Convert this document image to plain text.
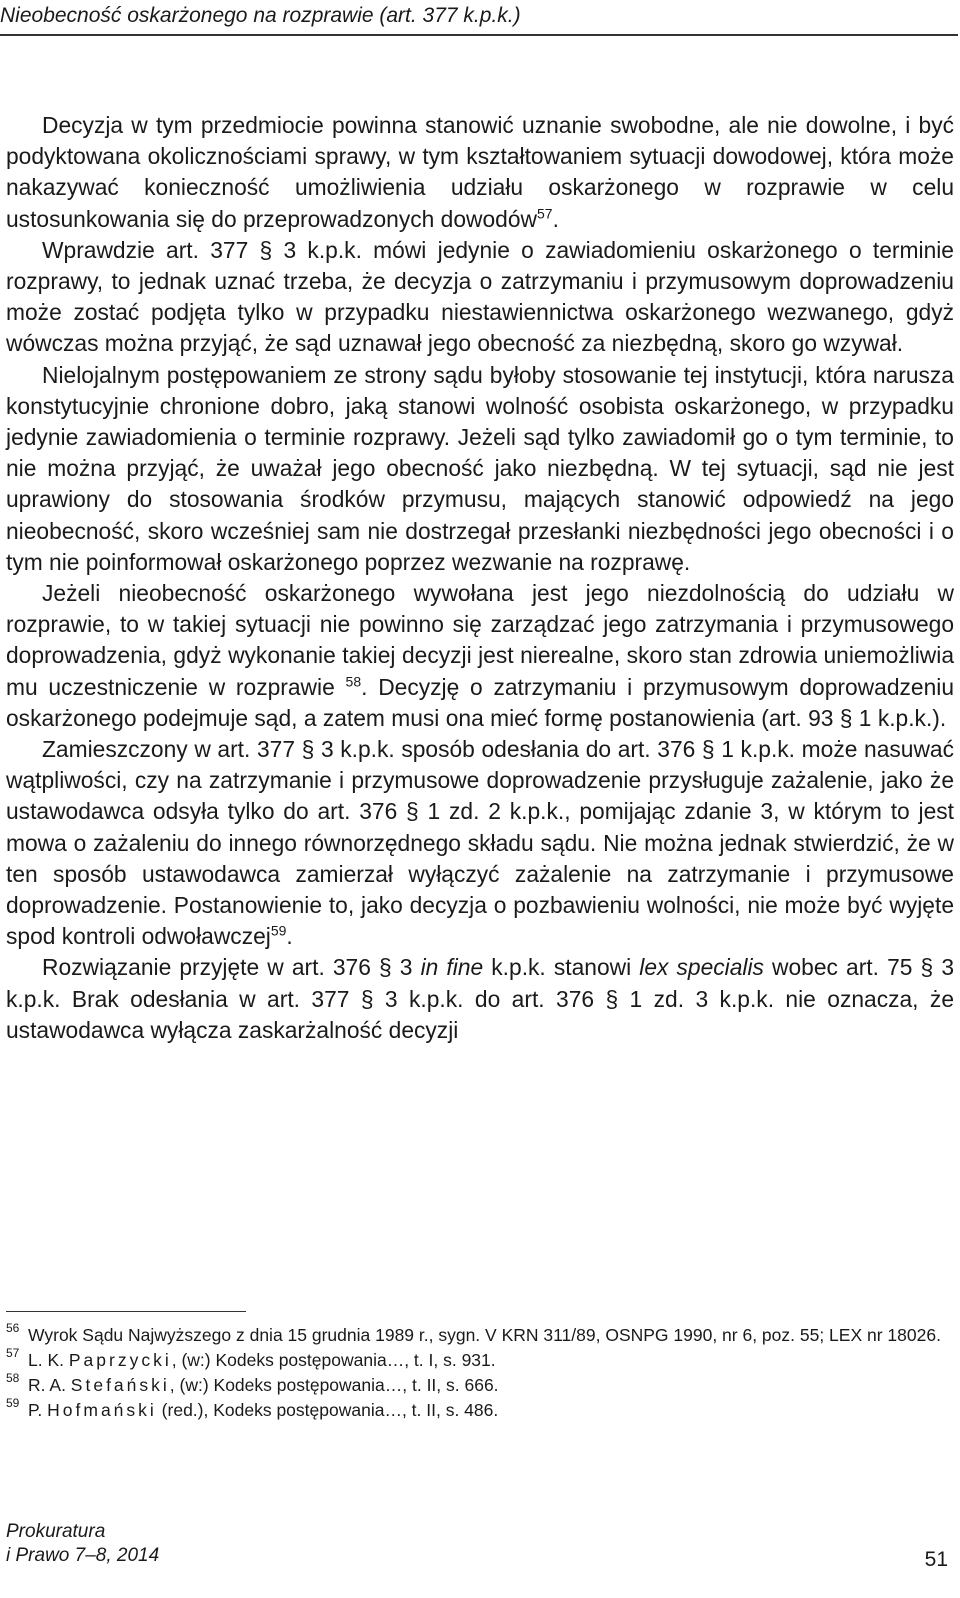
Nieobecność oskarżonego na rozprawie (art. 377 k.p.k.)

Decyzja w tym przedmiocie powinna stanowić uznanie swobodne, ale nie dowolne, i być podyktowana okolicznościami sprawy, w tym kształtowaniem sytuacji dowodowej, która może nakazywać konieczność umożliwienia udziału oskarżonego w rozprawie w celu ustosunkowania się do przeprowadzonych dowodów$^{57}$.

Wprawdzie art. 377 § 3 k.p.k. mówi jedynie o zawiadomieniu oskarżonego o terminie rozprawy, to jednak uznać trzeba, że decyzja o zatrzymaniu i przymusowym doprowadzeniu może zostać podjęta tylko w przypadku niestawiennictwa oskarżonego wezwanego, gdyż wówczas można przyjąć, że sąd uznawał jego obecność za niezbędną, skoro go wzywał.

Nielojalnym postępowaniem ze strony sądu byłoby stosowanie tej instytucji, która narusza konstytucyjnie chronione dobro, jaką stanowi wolność osobista oskarżonego, w przypadku jedynie zawiadomienia o terminie rozprawy. Jeżeli sąd tylko zawiadomił go o tym terminie, to nie można przyjąć, że uważał jego obecność jako niezbędną. W tej sytuacji, sąd nie jest uprawiony do stosowania środków przymusu, mających stanowić odpowiedź na jego nieobecność, skoro wcześniej sam nie dostrzegał przesłanki niezbędności jego obecności i o tym nie poinformował oskarżonego poprzez wezwanie na rozprawę.

Jeżeli nieobecność oskarżonego wywołana jest jego niezdolnością do udziału w rozprawie, to w takiej sytuacji nie powinno się zarządzać jego zatrzymania i przymusowego doprowadzenia, gdyż wykonanie takiej decyzji jest nierealne, skoro stan zdrowia uniemożliwia mu uczestniczenie w rozprawie $^{58}$. Decyzję o zatrzymaniu i przymusowym doprowadzeniu oskarżonego podejmuje sąd, a zatem musi ona mieć formę postanowienia (art. 93 § 1 k.p.k.).

Zamieszczony w art. 377 § 3 k.p.k. sposób odesłania do art. 376 § 1 k.p.k. może nasuwać wątpliwości, czy na zatrzymanie i przymusowe doprowadzenie przysługuje zażalenie, jako że ustawodawca odsyła tylko do art. 376 § 1 zd. 2 k.p.k., pomijając zdanie 3, w którym to jest mowa o zażaleniu do innego równorzędnego składu sądu. Nie można jednak stwierdzić, że w ten sposób ustawodawca zamierzał wyłączyć zażalenie na zatrzymanie i przymusowe doprowadzenie. Postanowienie to, jako decyzja o pozbawieniu wolności, nie może być wyjęte spod kontroli odwoławczej$^{59}$.

Rozwiązanie przyjęte w art. 376 § 3 in fine k.p.k. stanowi lex specialis wobec art. 75 § 3 k.p.k. Brak odesłania w art. 377 § 3 k.p.k. do art. 376 § 1 zd. 3 k.p.k. nie oznacza, że ustawodawca wyłącza zaskarżalność decyzji

56 Wyrok Sądu Najwyższego z dnia 15 grudnia 1989 r., sygn. V KRN 311/89, OSNPG 1990, nr 6, poz. 55; LEX nr 18026.
57 L. K. Paprzycki, (w:) Kodeks postępowania…, t. I, s. 931.
58 R. A. Stefański, (w:) Kodeks postępowania…, t. II, s. 666.
59 P. Hofmański (red.), Kodeks postępowania…, t. II, s. 486.
Prokuratura
i Prawo 7–8, 2014	51
